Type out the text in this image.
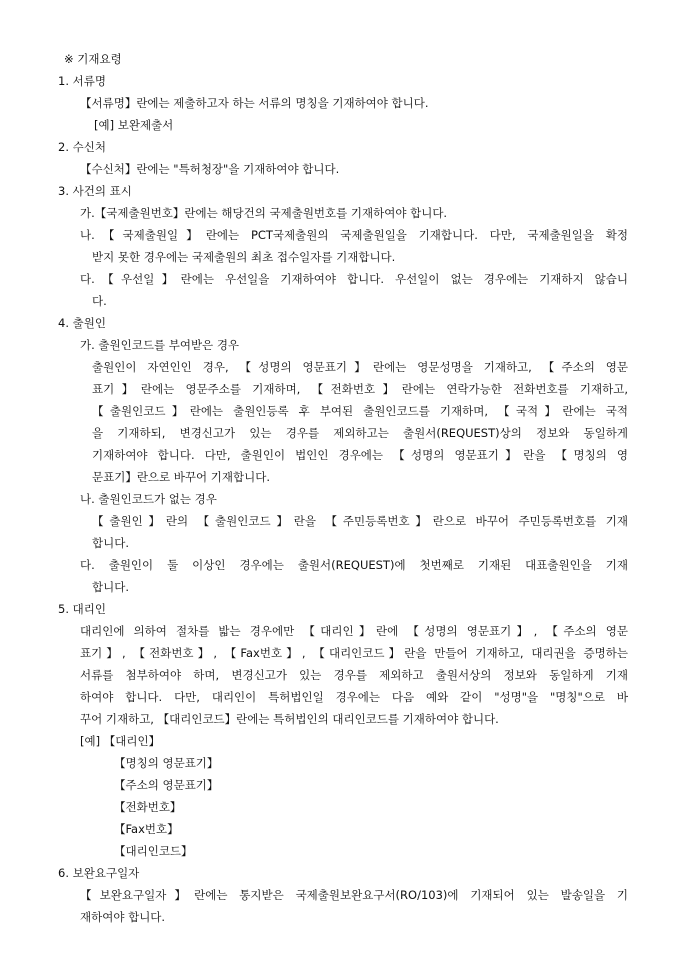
※ 기재요령
1. 서류명
【서류명】란에는 제출하고자 하는 서류의 명칭을 기재하여야 합니다.
[예] 보완제출서
2. 수신처
【수신처】란에는 "특허청장"을 기재하여야 합니다.
3. 사건의 표시
가.【국제출원번호】란에는 해당건의 국제출원번호를 기재하여야 합니다.
나.【국제출원일】란에는 PCT국제출원의 국제출원일을 기재합니다. 다만, 국제출원일을 확정
받지 못한 경우에는 국제출원의 최초 접수일자를 기재합니다.
다.【우선일】란에는 우선일을 기재하여야 합니다. 우선일이 없는 경우에는 기재하지 않습니
다.
4. 출원인
가. 출원인코드를 부여받은 경우
출원인이 자연인인 경우, 【성명의 영문표기】란에는 영문성명을 기재하고, 【주소의 영문
표기】란에는 영문주소를 기재하며, 【전화번호】란에는 연락가능한 전화번호를 기재하고,
【출원인코드】란에는 출원인등록 후 부여된 출원인코드를 기재하며, 【국적】란에는 국적
을 기재하되, 변경신고가 있는 경우를 제외하고는 출원서(REQUEST)상의 정보와 동일하게
기재하여야 합니다. 다만, 출원인이 법인인 경우에는 【성명의 영문표기】란을 【명칭의 영
문표기】란으로 바꾸어 기재합니다.
나. 출원인코드가 없는 경우
【출원인】란의 【출원인코드】란을 【주민등록번호】란으로 바꾸어 주민등록번호를 기재
합니다.
다. 출원인이 둘 이상인 경우에는 출원서(REQUEST)에 첫번째로 기재된 대표출원인을 기재
합니다.
5. 대리인
대리인에 의하여 절차를 밟는 경우에만 【대리인】란에 【성명의 영문표기】, 【주소의 영문
표기】, 【전화번호】, 【Fax번호】, 【대리인코드】란을 만들어 기재하고, 대리권을 증명하는
서류를 첨부하여야 하며, 변경신고가 있는 경우를 제외하고 출원서상의 정보와 동일하게 기재
하여야 합니다. 다만, 대리인이 특허법인일 경우에는 다음 예와 같이 "성명"을 "명칭"으로 바
꾸어 기재하고, 【대리인코드】란에는 특허법인의 대리인코드를 기재하여야 합니다.
[예] 【대리인】
【명칭의 영문표기】
【주소의 영문표기】
【전화번호】
【Fax번호】
【대리인코드】
6. 보완요구일자
【보완요구일자】란에는 통지받은 국제출원보완요구서(RO/103)에 기재되어 있는 발송일을 기
재하여야 합니다.
